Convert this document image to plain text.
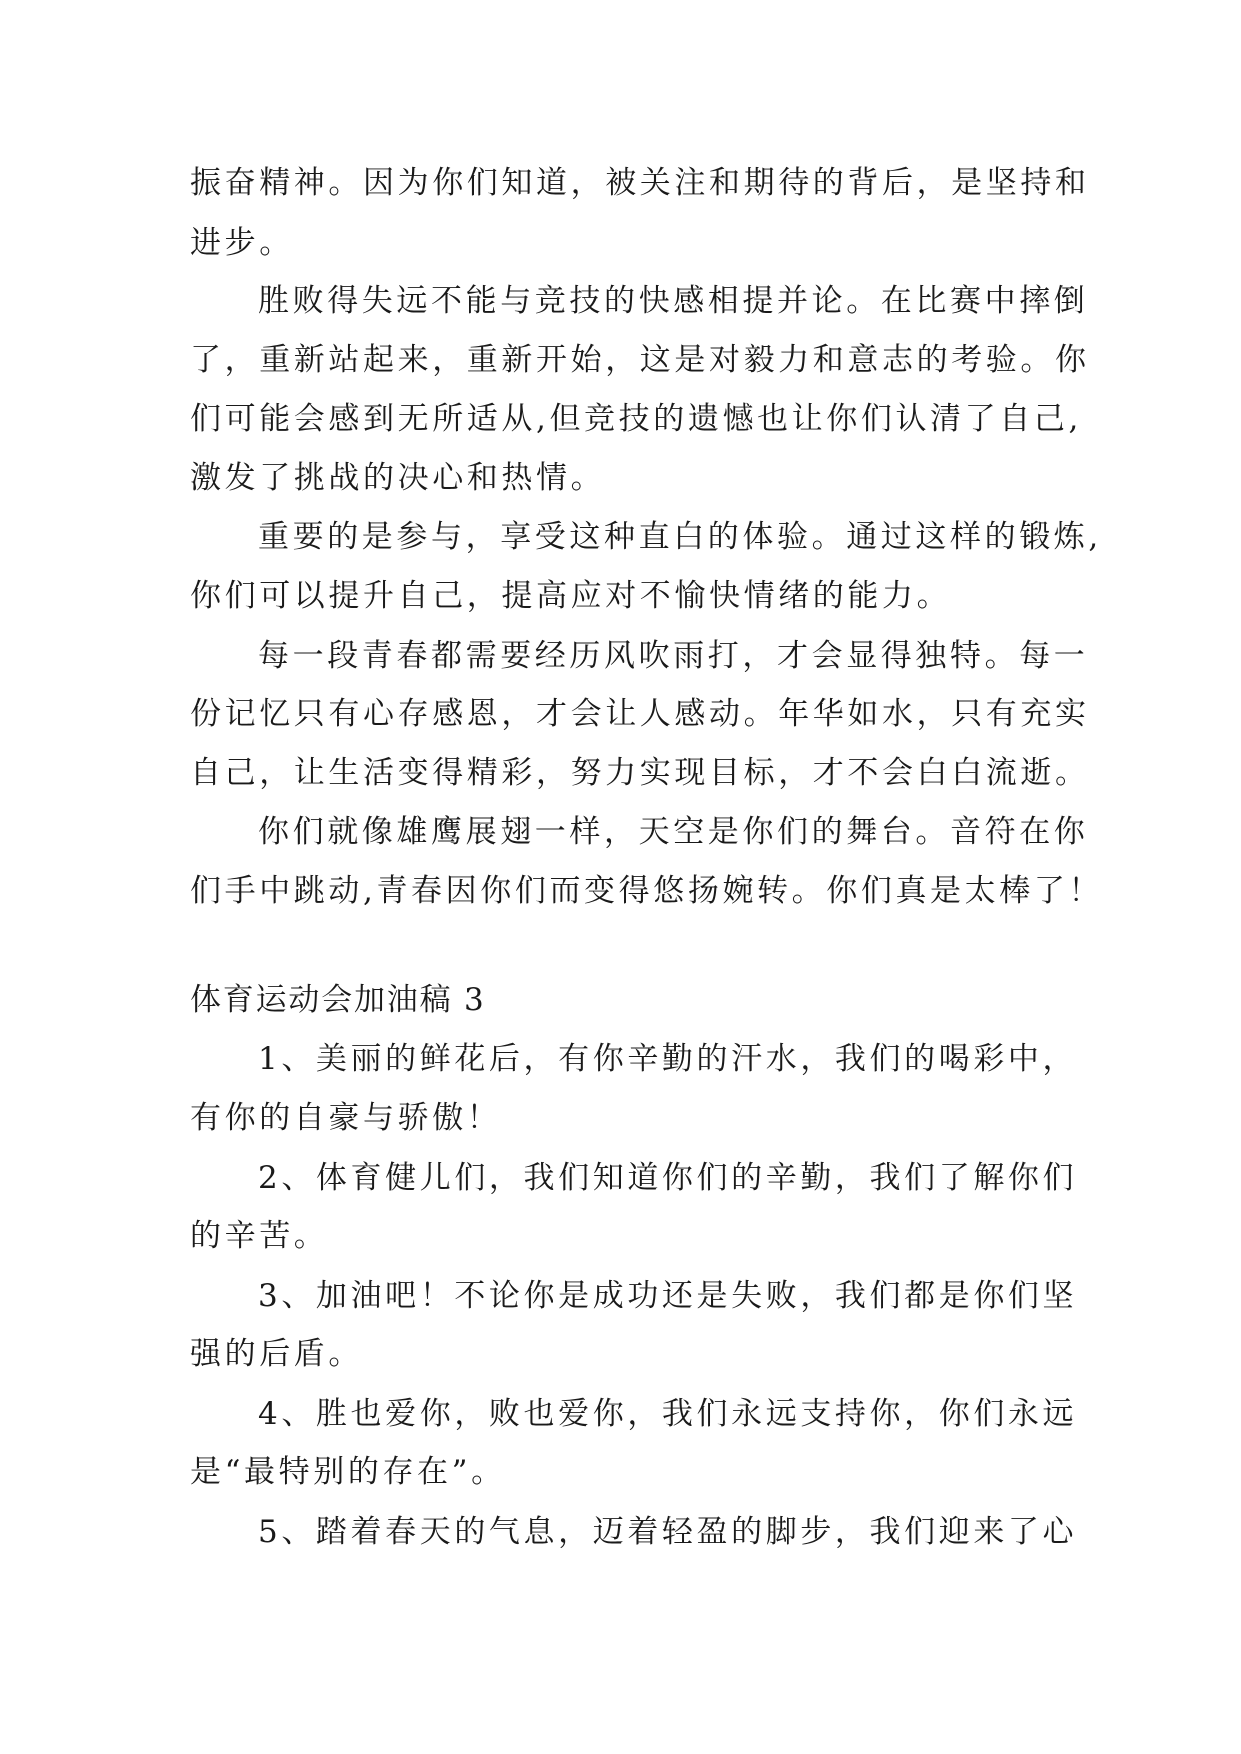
振奋精神。因为你们知道，被关注和期待的背后，是坚持和
进步。
胜败得失远不能与竞技的快感相提并论。在比赛中摔倒
了，重新站起来，重新开始，这是对毅力和意志的考验。你
们可能会感到无所适从,但竞技的遗憾也让你们认清了自己,
激发了挑战的决心和热情。
重要的是参与，享受这种直白的体验。通过这样的锻炼,
你们可以提升自己，提高应对不愉快情绪的能力。
每一段青春都需要经历风吹雨打，才会显得独特。每一
份记忆只有心存感恩，才会让人感动。年华如水，只有充实
自己，让生活变得精彩，努力实现目标，才不会白白流逝。
你们就像雄鹰展翅一样，天空是你们的舞台。音符在你
们手中跳动,青春因你们而变得悠扬婉转。你们真是太棒了！
体育运动会加油稿 3
1、美丽的鲜花后，有你辛勤的汗水，我们的喝彩中，
有你的自豪与骄傲！
2、体育健儿们，我们知道你们的辛勤，我们了解你们
的辛苦。
3、加油吧！不论你是成功还是失败，我们都是你们坚
强的后盾。
4、胜也爱你，败也爱你，我们永远支持你，你们永远
是“最特别的存在”。
5、踏着春天的气息，迈着轻盈的脚步，我们迎来了心
